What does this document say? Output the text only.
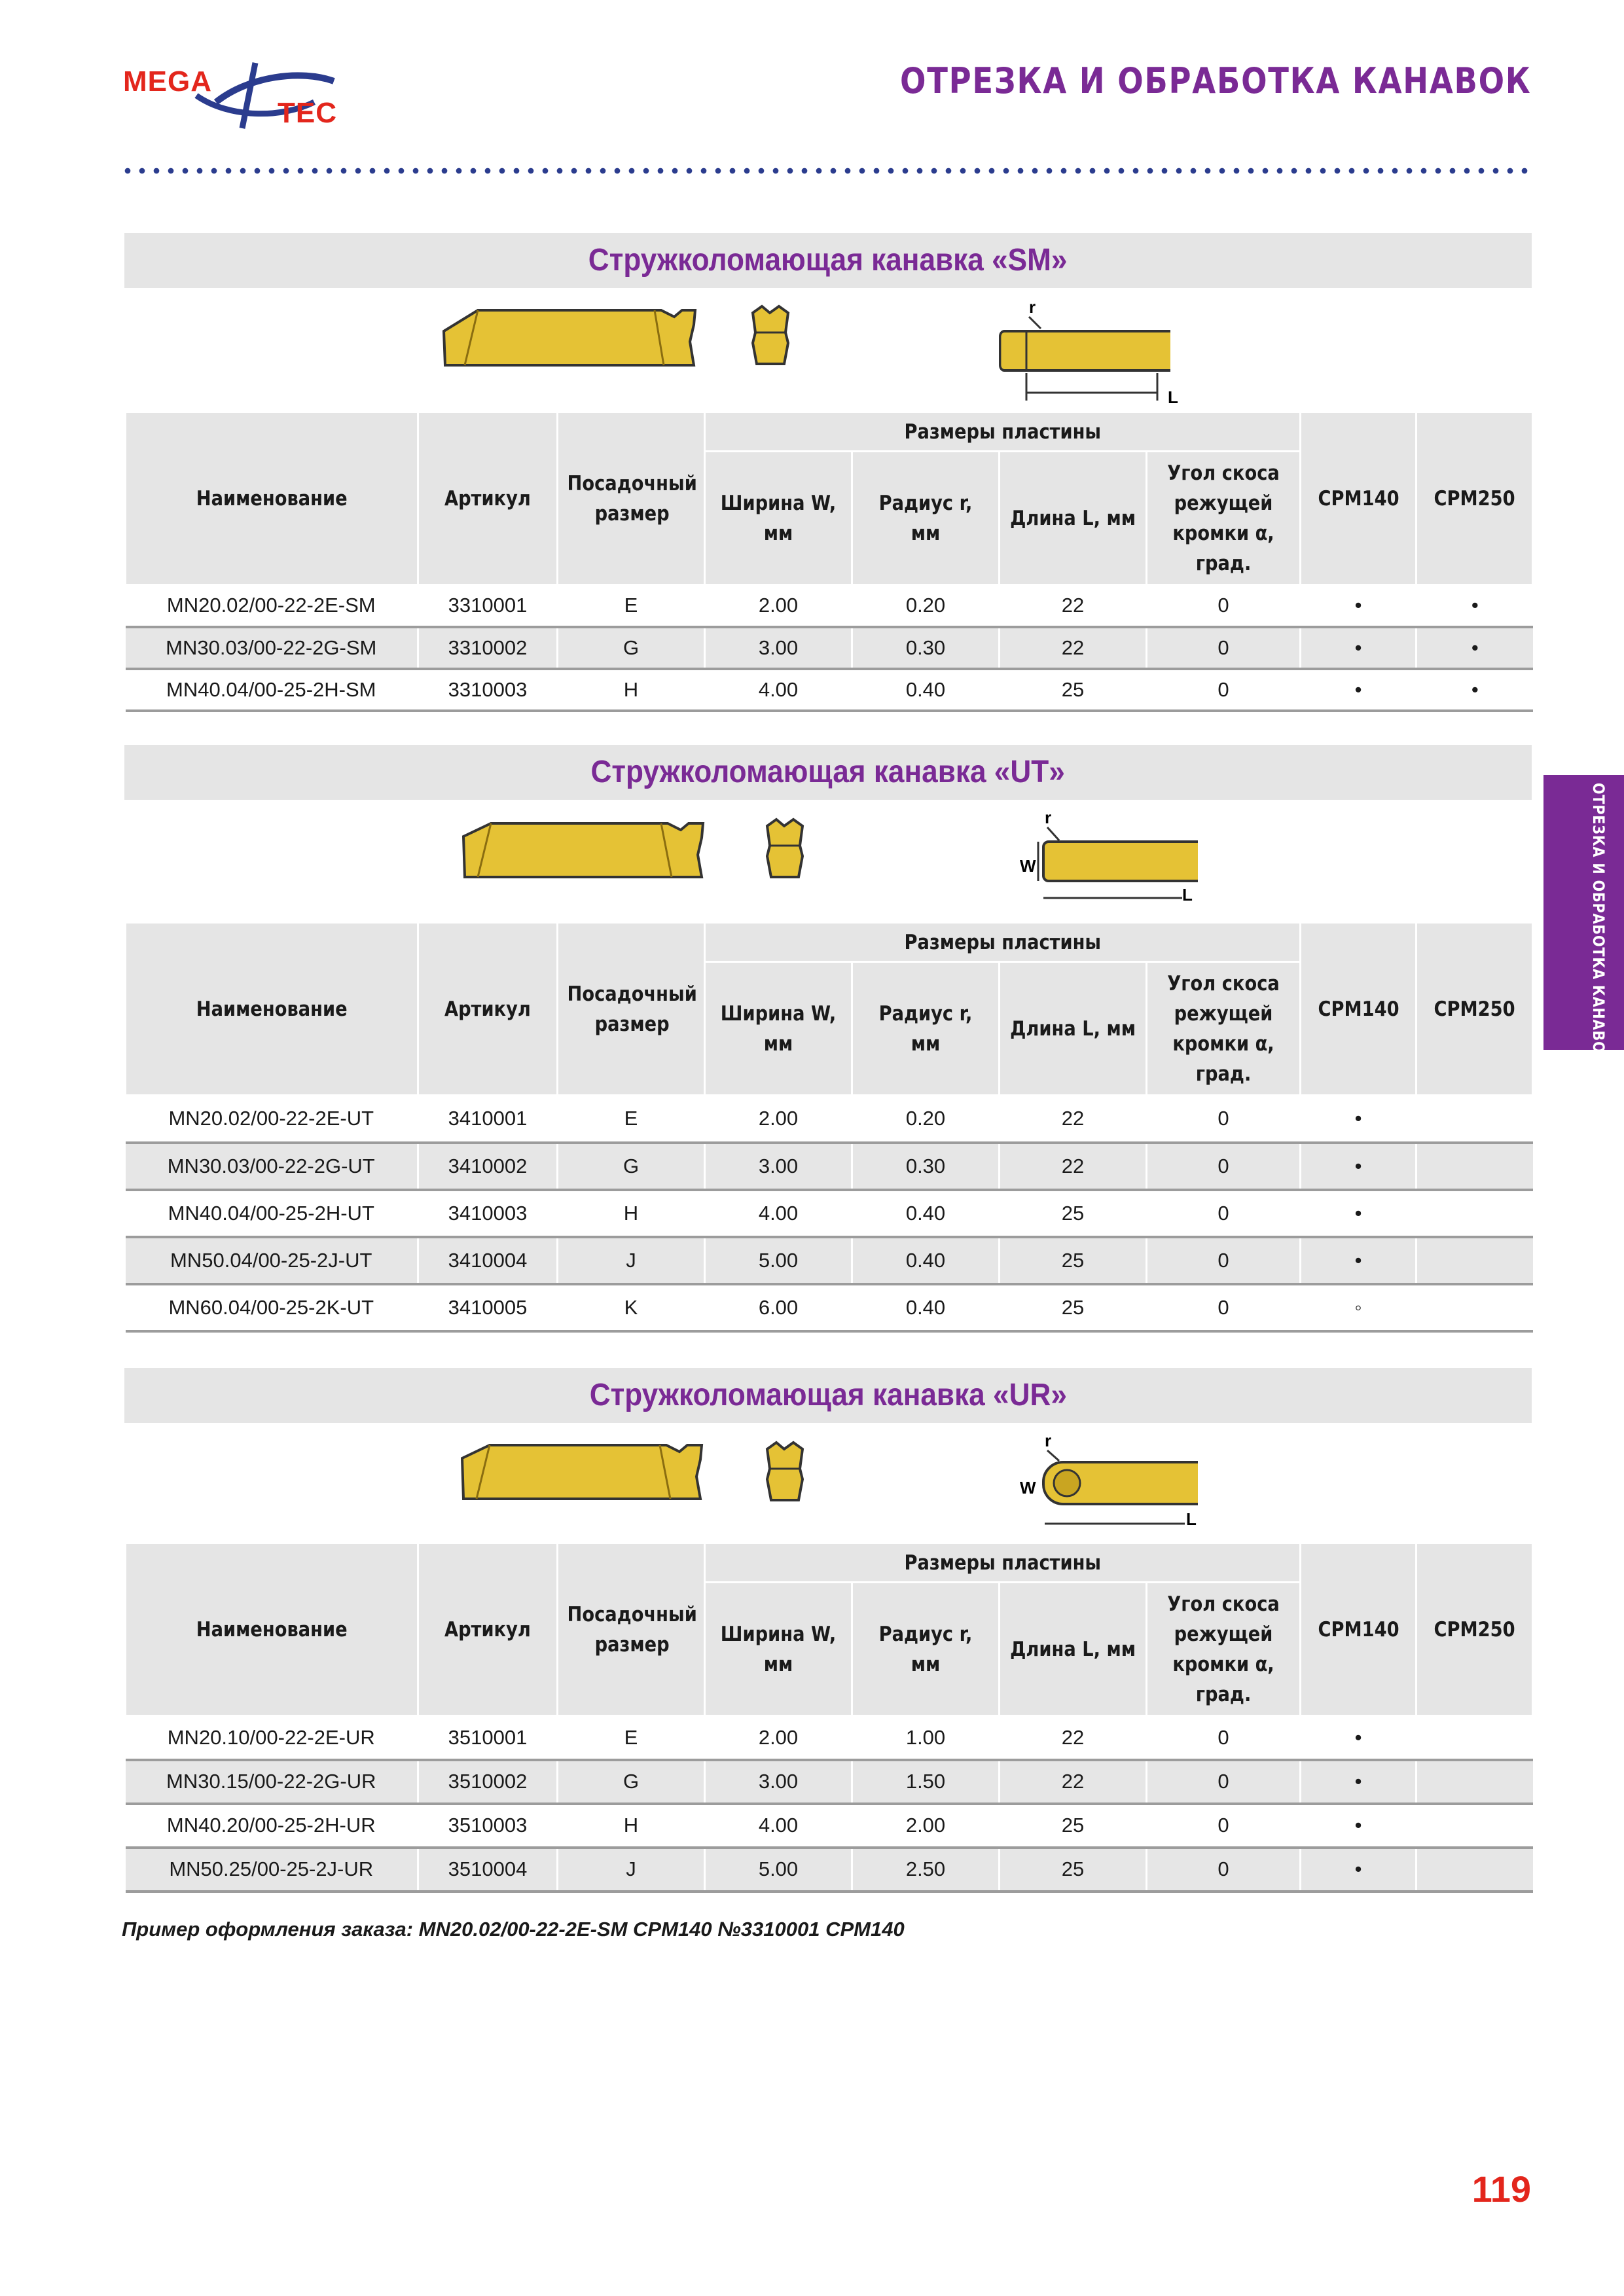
MEGA
TEC
ОТРЕЗКА И ОБРАБОТКА КАНАВОК
ОТРЕЗКА И ОБРАБОТКА КАНАВОК
Стружколомающая канавка «SM»
r
L
Наименование	Артикул	Посадочный размер	Размеры пластины				CPM140	CPM250
			Ширина W, мм	Радиус r, мм	Длина L, мм	Угол скоса режущей кромки α, град.		
MN20.02/00-22-2E-SM	3310001	E	2.00	0.20	22	0	•	•
MN30.03/00-22-2G-SM	3310002	G	3.00	0.30	22	0	•	•
MN40.04/00-25-2H-SM	3310003	H	4.00	0.40	25	0	•	•
Стружколомающая канавка «UT»
r
W
L
Наименование	Артикул	Посадочный размер	Размеры пластины				CPM140	CPM250
			Ширина W, мм	Радиус r, мм	Длина L, мм	Угол скоса режущей кромки α, град.		
MN20.02/00-22-2E-UT	3410001	E	2.00	0.20	22	0	•	
MN30.03/00-22-2G-UT	3410002	G	3.00	0.30	22	0	•	
MN40.04/00-25-2H-UT	3410003	H	4.00	0.40	25	0	•	
MN50.04/00-25-2J-UT	3410004	J	5.00	0.40	25	0	•	
MN60.04/00-25-2K-UT	3410005	K	6.00	0.40	25	0	◦	
Стружколомающая канавка «UR»
r
W
L
Наименование	Артикул	Посадочный размер	Размеры пластины				CPM140	CPM250
			Ширина W, мм	Радиус r, мм	Длина L, мм	Угол скоса режущей кромки α, град.		
MN20.10/00-22-2E-UR	3510001	E	2.00	1.00	22	0	•	
MN30.15/00-22-2G-UR	3510002	G	3.00	1.50	22	0	•	
MN40.20/00-25-2H-UR	3510003	H	4.00	2.00	25	0	•	
MN50.25/00-25-2J-UR	3510004	J	5.00	2.50	25	0	•	
Пример оформления заказа: MN20.02/00-22-2E-SM CPM140 №3310001 CPM140
119
